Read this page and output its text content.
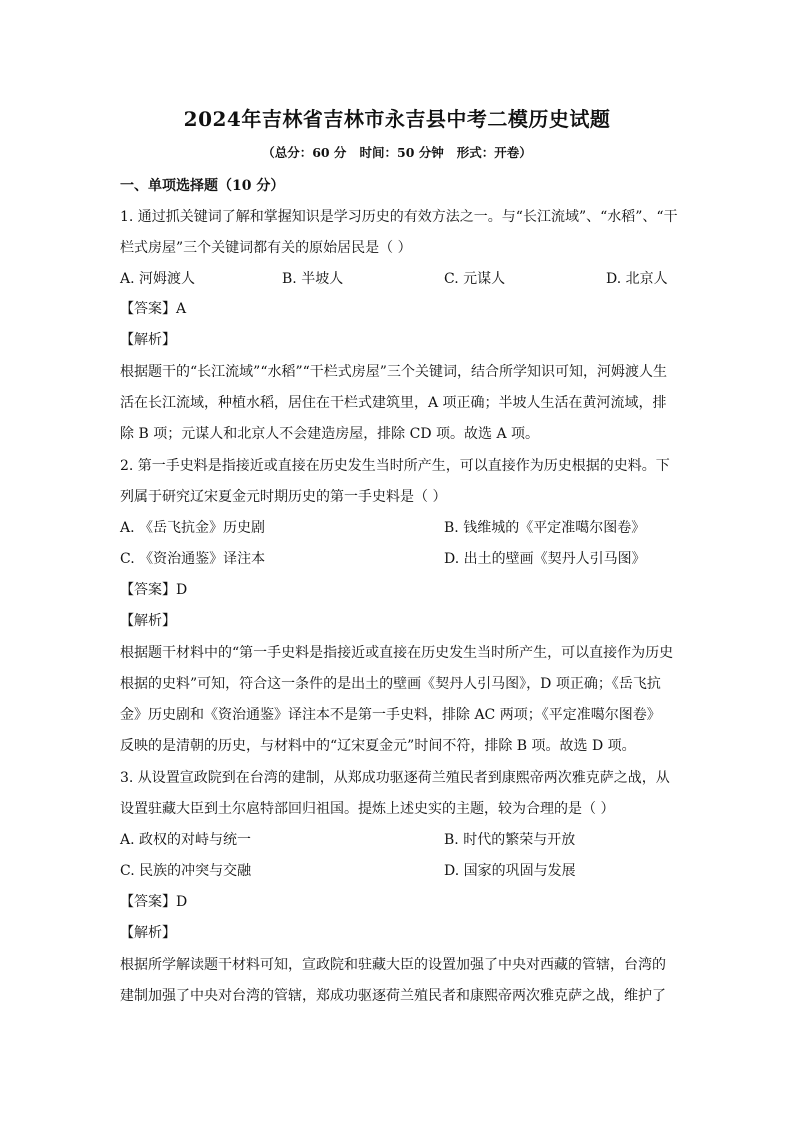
2024年吉林省吉林市永吉县中考二模历史试题
（总分：60 分   时间：50 分钟   形式：开卷）
一、单项选择题（10 分）
1. 通过抓关键词了解和掌握知识是学习历史的有效方法之一。与“长江流域”、“水稻”、“干
栏式房屋”三个关键词都有关的原始居民是（ ）
A. 河姆渡人	B. 半坡人	C. 元谋人	D. 北京人
【答案】A
【解析】
根据题干的“长江流域”“水稻”“干栏式房屋”三个关键词，结合所学知识可知，河姆渡人生
活在长江流域，种植水稻，居住在干栏式建筑里，A 项正确；半坡人生活在黄河流域，排
除 B 项；元谋人和北京人不会建造房屋，排除 CD 项。故选 A 项。
2. 第一手史料是指接近或直接在历史发生当时所产生，可以直接作为历史根据的史料。下
列属于研究辽宋夏金元时期历史的第一手史料是（ ）
A. 《岳飞抗金》历史剧	B. 钱维城的《平定准噶尔图卷》
C. 《资治通鉴》译注本	D. 出土的壁画《契丹人引马图》
【答案】D
【解析】
根据题干材料中的“第一手史料是指接近或直接在历史发生当时所产生，可以直接作为历史
根据的史料”可知，符合这一条件的是出土的壁画《契丹人引马图》，D 项正确；《岳飞抗
金》历史剧和《资治通鉴》译注本不是第一手史料，排除 AC 两项；《平定准噶尔图卷》
反映的是清朝的历史，与材料中的“辽宋夏金元”时间不符，排除 B 项。故选 D 项。
3. 从设置宣政院到在台湾的建制，从郑成功驱逐荷兰殖民者到康熙帝两次雅克萨之战，从
设置驻藏大臣到土尔扈特部回归祖国。提炼上述史实的主题，较为合理的是（ ）
A. 政权的对峙与统一	B. 时代的繁荣与开放
C. 民族的冲突与交融	D. 国家的巩固与发展
【答案】D
【解析】
根据所学解读题干材料可知，宣政院和驻藏大臣的设置加强了中央对西藏的管辖，台湾的
建制加强了中央对台湾的管辖，郑成功驱逐荷兰殖民者和康熙帝两次雅克萨之战，维护了
